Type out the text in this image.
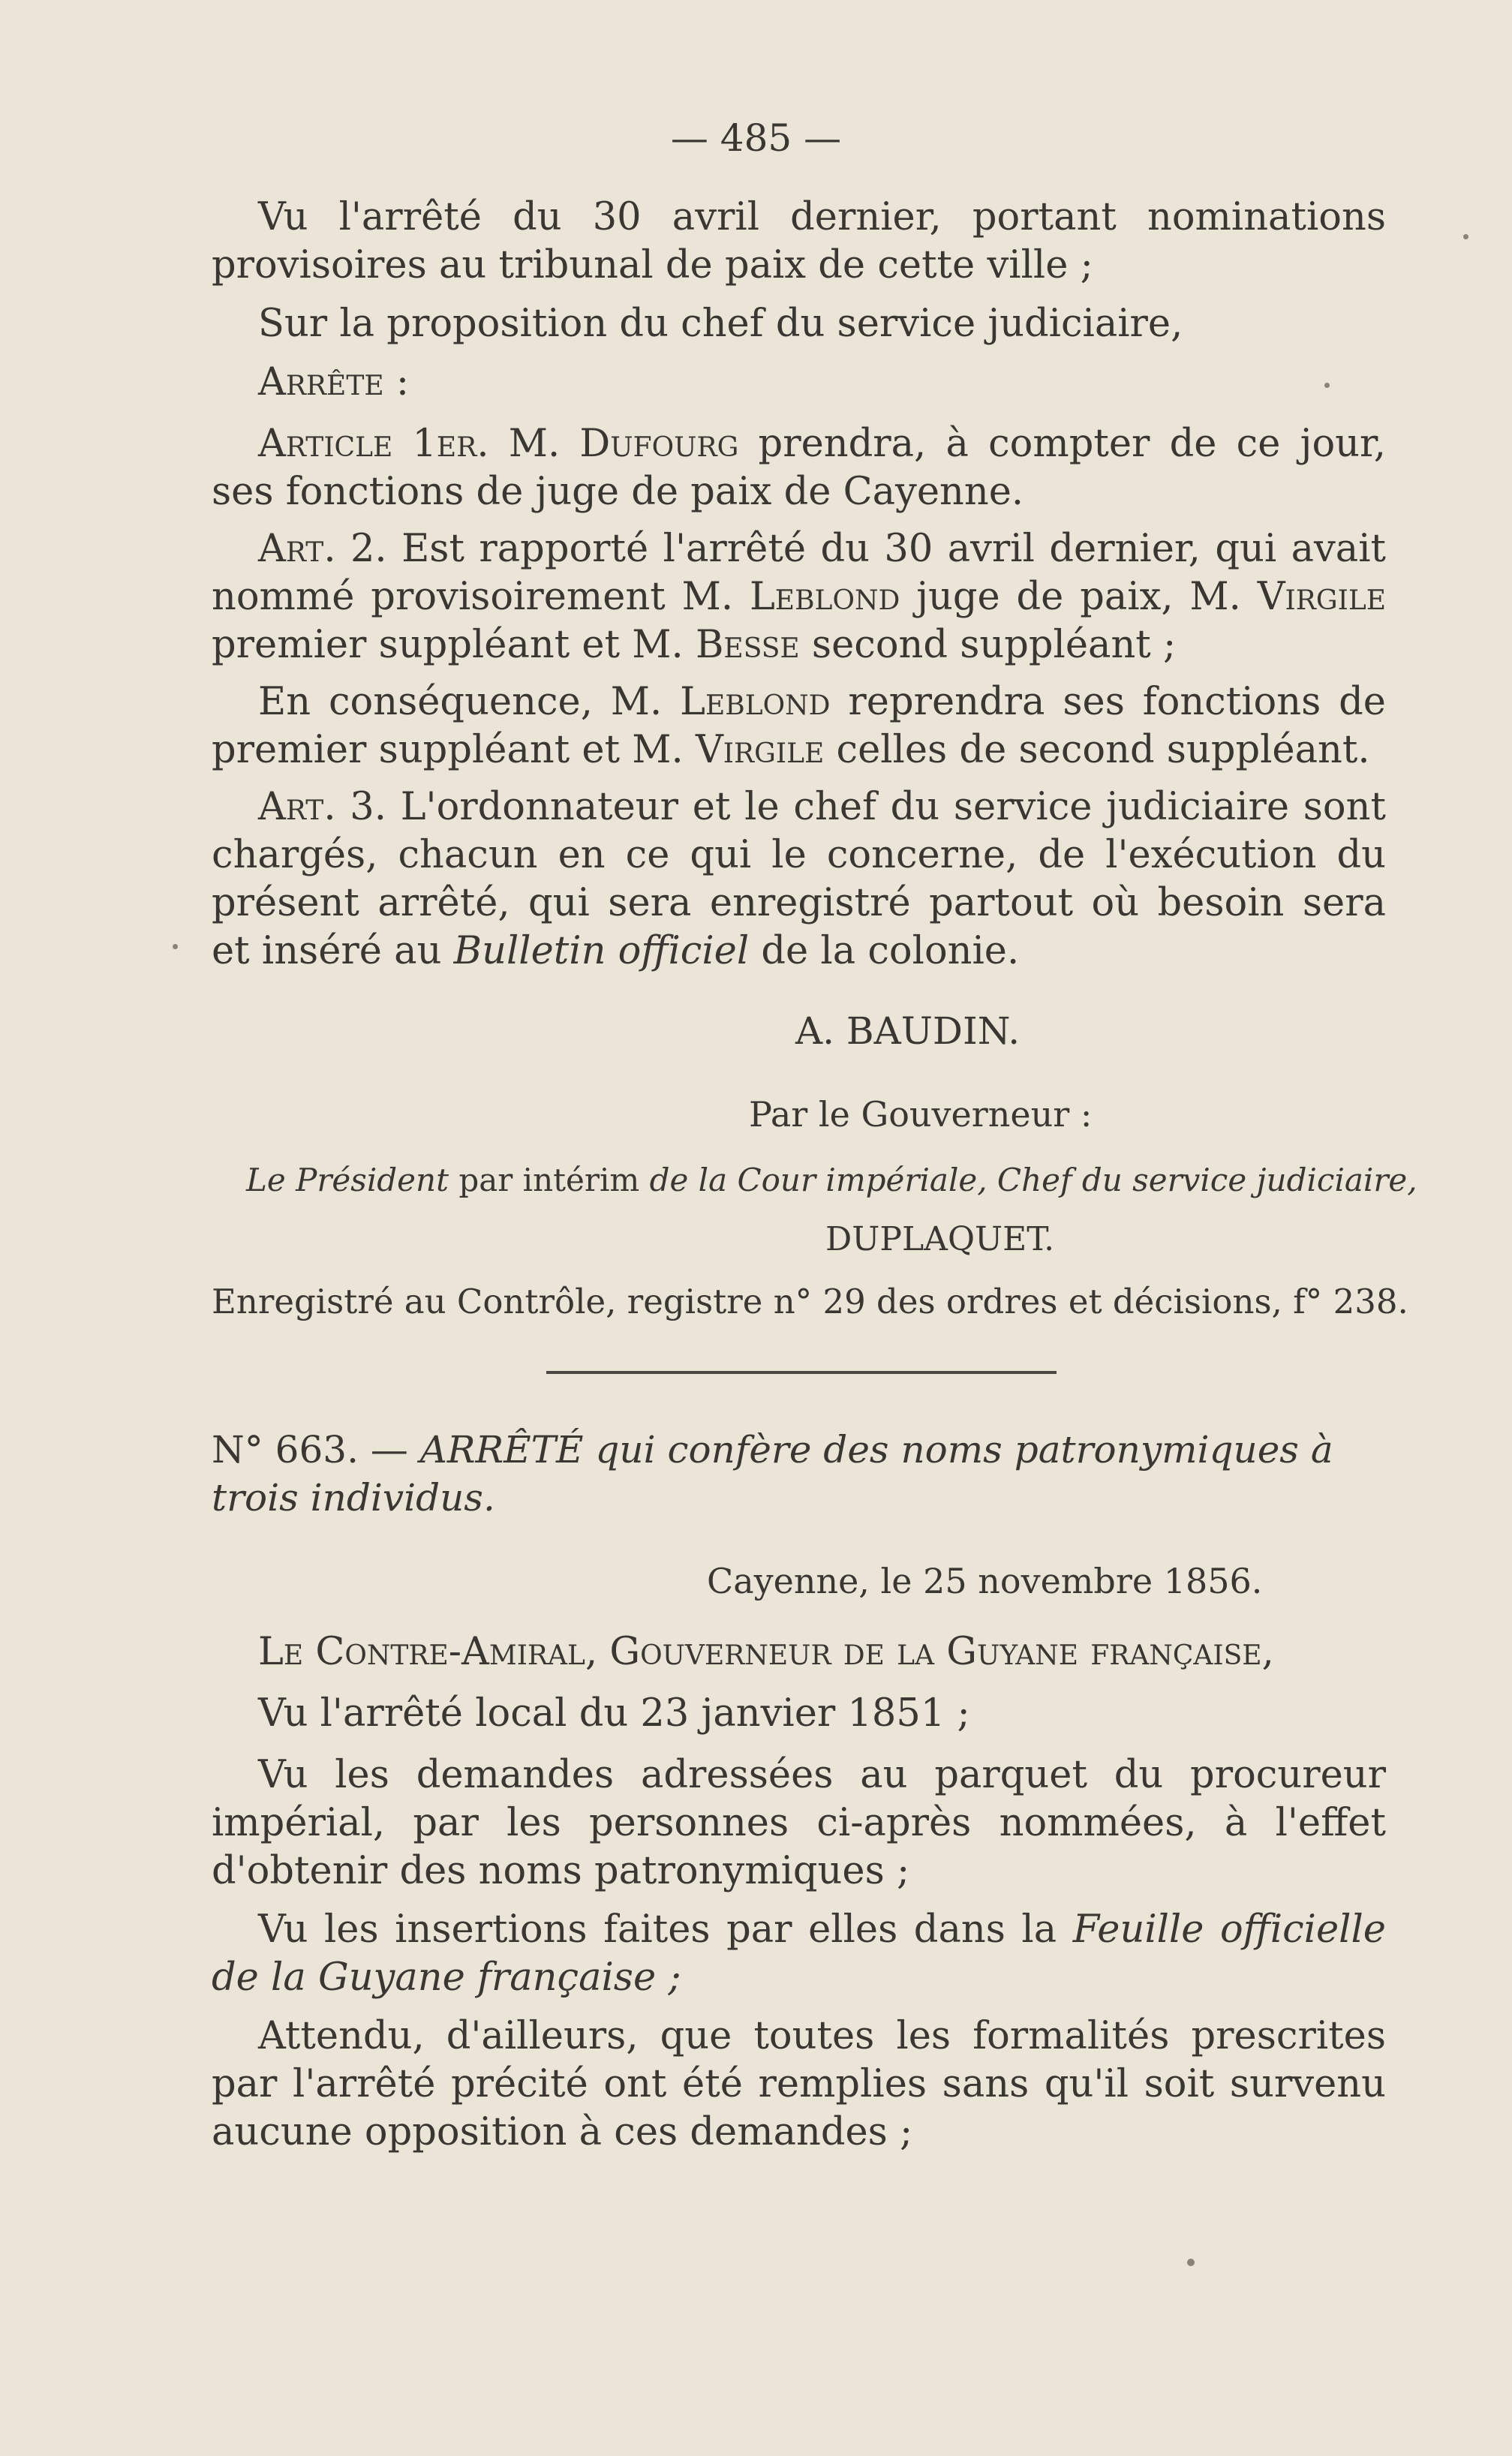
— 485 —

Vu l'arrêté du 30 avril dernier, portant nominations provisoires au tribunal de paix de cette ville ;

Sur la proposition du chef du service judiciaire,

Arrête :

Article 1er. M. Dufourg prendra, à compter de ce jour, ses fonctions de juge de paix de Cayenne.

Art. 2. Est rapporté l'arrêté du 30 avril dernier, qui avait nommé provisoirement M. Leblond juge de paix, M. Virgile premier suppléant et M. Besse second suppléant ;

En conséquence, M. Leblond reprendra ses fonctions de premier suppléant et M. Virgile celles de second suppléant.

Art. 3. L'ordonnateur et le chef du service judiciaire sont chargés, chacun en ce qui le concerne, de l'exécution du présent arrêté, qui sera enregistré partout où besoin sera et inséré au Bulletin officiel de la colonie.

A. BAUDIN.
Par le Gouverneur :
Le Président par intérim de la Cour impériale, Chef du service judiciaire,
DUPLAQUET.
Enregistré au Contrôle, registre n° 29 des ordres et décisions, f° 238.
N° 663. — ARRÊTÉ qui confère des noms patronymiques à trois individus.
Cayenne, le 25 novembre 1856.

Le Contre-Amiral, Gouverneur de la Guyane française,

Vu l'arrêté local du 23 janvier 1851 ;

Vu les demandes adressées au parquet du procureur impérial, par les personnes ci-après nommées, à l'effet d'obtenir des noms patronymiques ;

Vu les insertions faites par elles dans la Feuille officielle de la Guyane française ;

Attendu, d'ailleurs, que toutes les formalités prescrites par l'arrêté précité ont été remplies sans qu'il soit survenu aucune opposition à ces demandes ;
